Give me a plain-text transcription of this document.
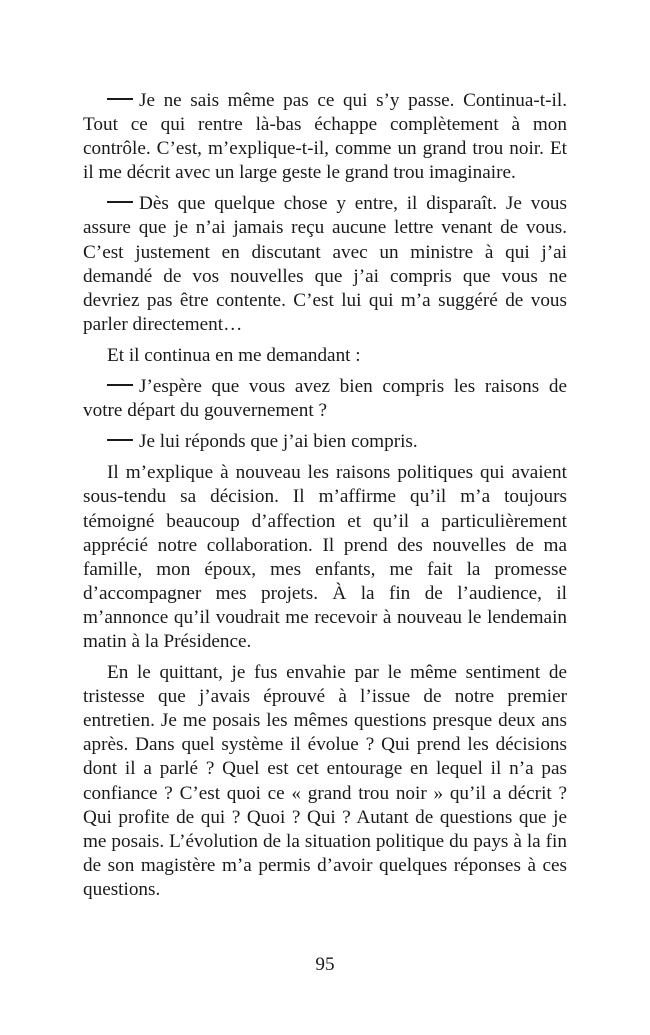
Je ne sais même pas ce qui s’y passe. Continua-t-il. Tout ce qui rentre là-bas échappe complètement à mon contrôle. C’est, m’explique-t-il, comme un grand trou noir. Et il me décrit avec un large geste le grand trou imaginaire.

Dès que quelque chose y entre, il disparaît. Je vous assure que je n’ai jamais reçu aucune lettre venant de vous. C’est justement en discutant avec un ministre à qui j’ai demandé de vos nouvelles que j’ai compris que vous ne devriez pas être contente. C’est lui qui m’a suggéré de vous parler directement…

Et il continua en me demandant :

J’espère que vous avez bien compris les raisons de votre départ du gouvernement ?

Je lui réponds que j’ai bien compris.

Il m’explique à nouveau les raisons politiques qui avaient sous-tendu sa décision. Il m’affirme qu’il m’a toujours témoigné beaucoup d’affection et qu’il a particulièrement apprécié notre collaboration. Il prend des nouvelles de ma famille, mon époux, mes enfants, me fait la promesse d’accompagner mes projets. À la fin de l’audience, il m’annonce qu’il voudrait me recevoir à nouveau le lendemain matin à la Présidence.

En le quittant, je fus envahie par le même sentiment de tristesse que j’avais éprouvé à l’issue de notre premier entretien. Je me posais les mêmes questions presque deux ans après. Dans quel système il évolue ? Qui prend les décisions dont il a parlé ? Quel est cet entourage en lequel il n’a pas confiance ? C’est quoi ce « grand trou noir » qu’il a décrit ? Qui profite de qui ? Quoi ? Qui ? Autant de questions que je me posais. L’évolution de la situation politique du pays à la fin de son magistère m’a permis d’avoir quelques réponses à ces questions.

95
